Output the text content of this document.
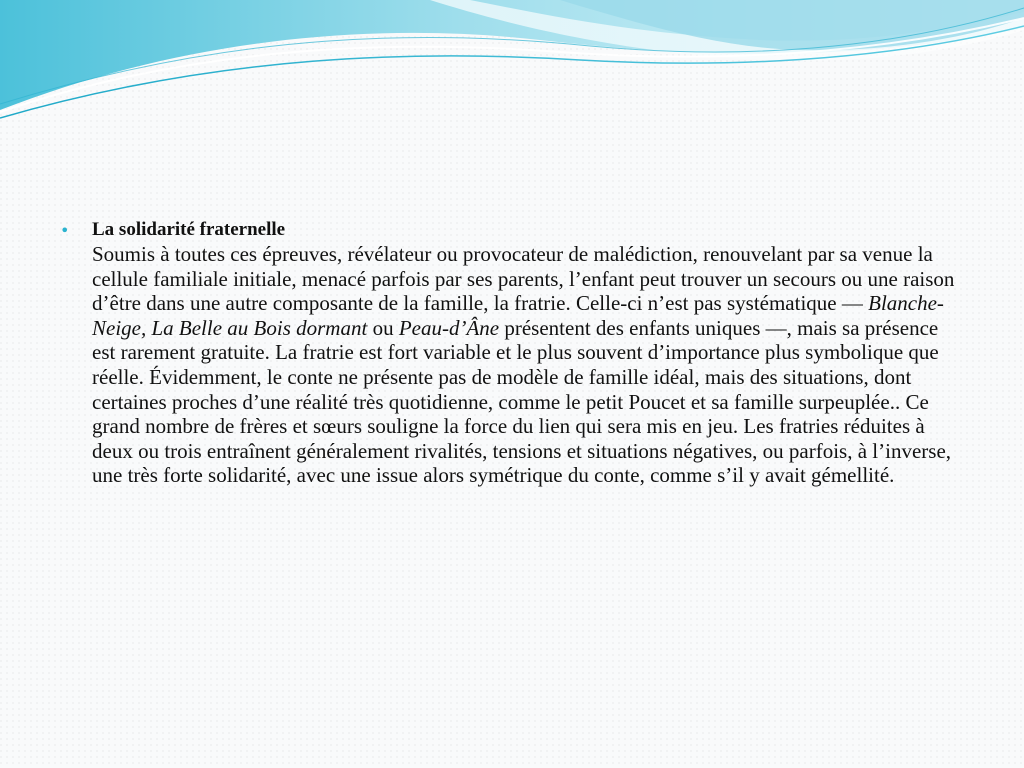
•	La solidarité fraternelle

Soumis à toutes ces épreuves, révélateur ou provocateur de malédiction, renouvelant par sa venue la cellule familiale initiale, menacé parfois par ses parents, l’enfant peut trouver un secours ou une raison d’être dans une autre composante de la famille, la fratrie. Celle-ci n’est pas systématique — Blanche-Neige, La Belle au Bois dormant ou Peau-d’Âne présentent des enfants uniques —, mais sa présence est rarement gratuite. La fratrie est fort variable et le plus souvent d’importance plus symbolique que réelle. Évidemment, le conte ne présente pas de modèle de famille idéal, mais des situations, dont certaines proches d’une réalité très quotidienne, comme le petit Poucet et sa famille surpeuplée.. Ce grand nombre de frères et sœurs souligne la force du lien qui sera mis en jeu. Les fratries réduites à deux ou trois entraînent généralement rivalités, tensions et situations négatives, ou parfois, à l’inverse, une très forte solidarité, avec une issue alors symétrique du conte, comme s’il y avait gémellité.
